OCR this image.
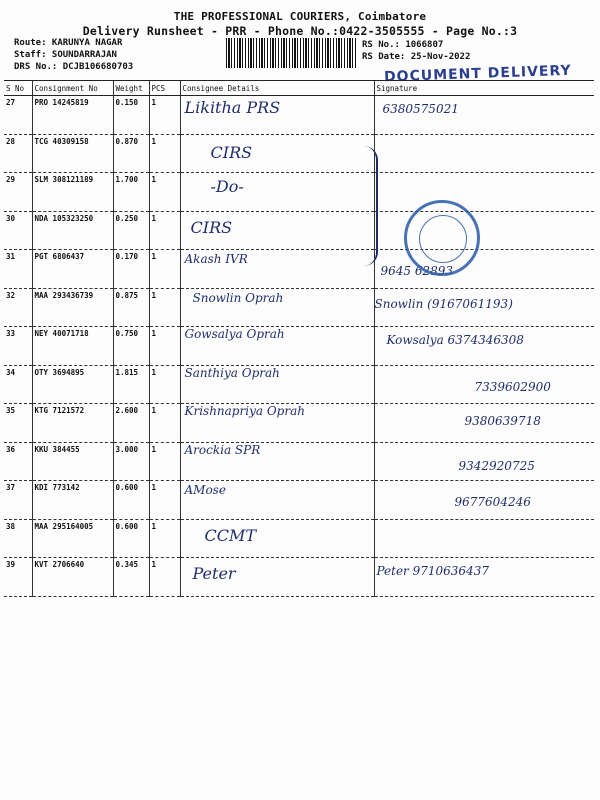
THE PROFESSIONAL COURIERS, Coimbatore
Delivery Runsheet - PRR - Phone No.:0422-3505555 - Page No.:3
Route: KARUNYA NAGAR
Staff: SOUNDARRAJAN
DRS No.: DCJB106680703
RS No.: 1066807
RS Date: 25-Nov-2022
DOCUMENT DELIVERY
S No	Consignment No	Weight	PCS	Consignee Details	Signature
27	PRO 14245819	0.150	1	Likitha PRS	6380575021

28	TCG 40309158	0.870	1	CIRS	

29	SLM 308121189	1.700	1	-Do-	

30	NDA 105323250	0.250	1	CIRS	

31	PGT 6806437	0.170	1	Akash IVR	9645 62893

32	MAA 293436739	0.875	1	Snowlin Oprah	Snowlin (9167061193)

33	NEY 40071718	0.750	1	Gowsalya Oprah	Kowsalya 6374346308

34	OTY 3694895	1.815	1	Santhiya Oprah	7339602900

35	KTG 7121572	2.600	1	Krishnapriya Oprah	9380639718

36	KKU 384455	3.000	1	Arockia SPR	9342920725

37	KDI 773142	0.600	1	AMose	9677604246

38	MAA 295164005	0.600	1	CCMT	

39	KVT 2706640	0.345	1	Peter	Peter 9710636437
